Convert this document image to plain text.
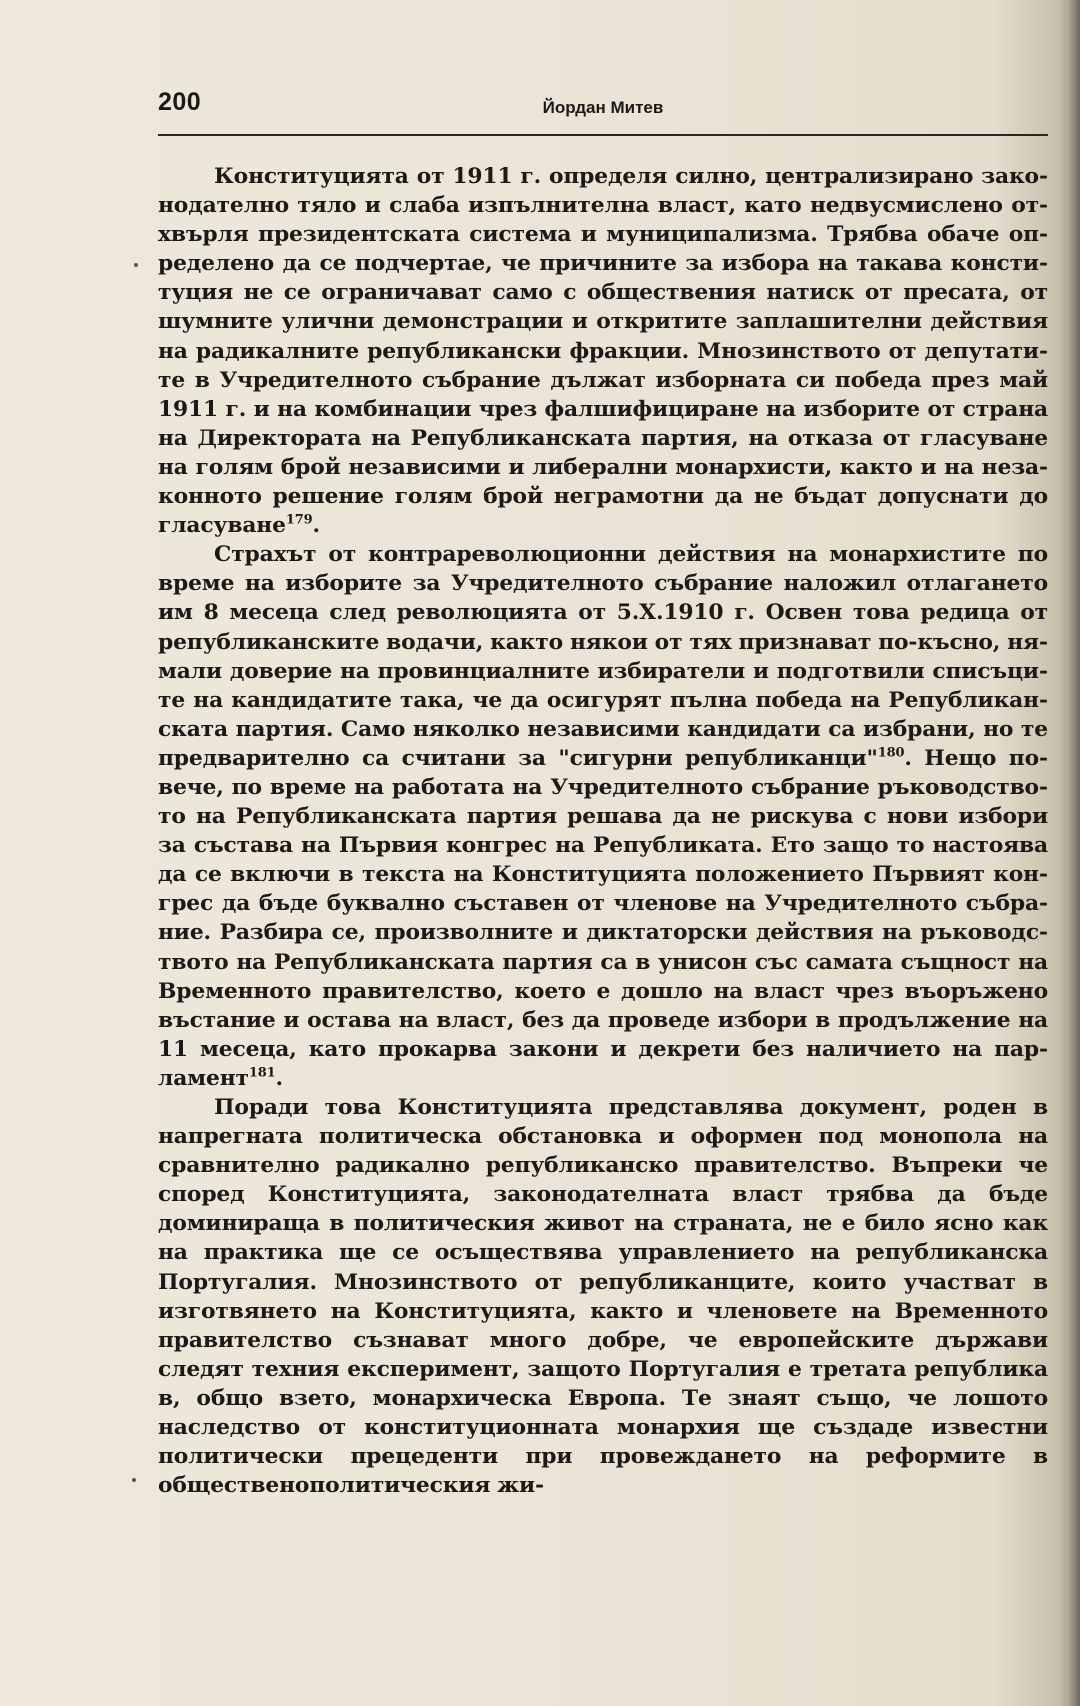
200	Йордан Митев

Конституцията от 1911 г. определя силно, централизирано законодателно тяло и слаба изпълнителна власт, като недвусмислено отхвърля президентската система и муниципализма. Трябва обаче определено да се подчертае, че причините за избора на такава конституция не се ограничават само с обществения натиск от пресата, от шумните улични демонстрации и откритите заплашителни действия на радикалните републикански фракции. Мнозинството от депутатите в Учредителното събрание дължат изборната си победа през май 1911 г. и на комбинации чрез фалшифициране на изборите от страна на Директората на Републиканската партия, на отказа от гласуване на голям брой независими и либерални монархисти, както и на незаконното решение голям брой неграмотни да не бъдат допуснати до гласуване$^{179}$.

Страхът от контрареволюционни действия на монархистите по време на изборите за Учредителното събрание наложил отлагането им 8 месеца след революцията от 5.X.1910 г. Освен това редица от републиканските водачи, както някои от тях признават по-късно, нямали доверие на провинциалните избиратели и подготвили списъците на кандидатите така, че да осигурят пълна победа на Републиканската партия. Само няколко независими кандидати са избрани, но те предварително са считани за "сигурни републиканци"$^{180}$. Нещо повече, по време на работата на Учредителното събрание ръководството на Републиканската партия решава да не рискува с нови избори за състава на Първия конгрес на Републиката. Ето защо то настоява да се включи в текста на Конституцията положението Първият конгрес да бъде буквално съставен от членове на Учредителното събрание. Разбира се, произволните и диктаторски действия на ръководството на Републиканската партия са в унисон със самата същност на Временното правителство, което е дошло на власт чрез въоръжено въстание и остава на власт, без да проведе избори в продължение на 11 месеца, като прокарва закони и декрети без наличието на парламент$^{181}$.

Поради това Конституцията представлява документ, роден в напрегната политическа обстановка и оформен под монопола на сравнително радикално републиканско правителство. Въпреки че според Конституцията, законодателната власт трябва да бъде доминираща в политическия живот на страната, не е било ясно как на практика ще се осъществява управлението на републиканска Португалия. Мнозинството от републиканците, които участват в изготвянето на Конституцията, както и членовете на Временното правителство съзнават много добре, че европейските държави следят техния експеримент, защото Португалия е третата република в, общо взето, монархическа Европа. Те знаят също, че лошото наследство от конституционната монархия ще създаде известни политически прецеденти при провеждането на реформите в общественополитическия жи-
